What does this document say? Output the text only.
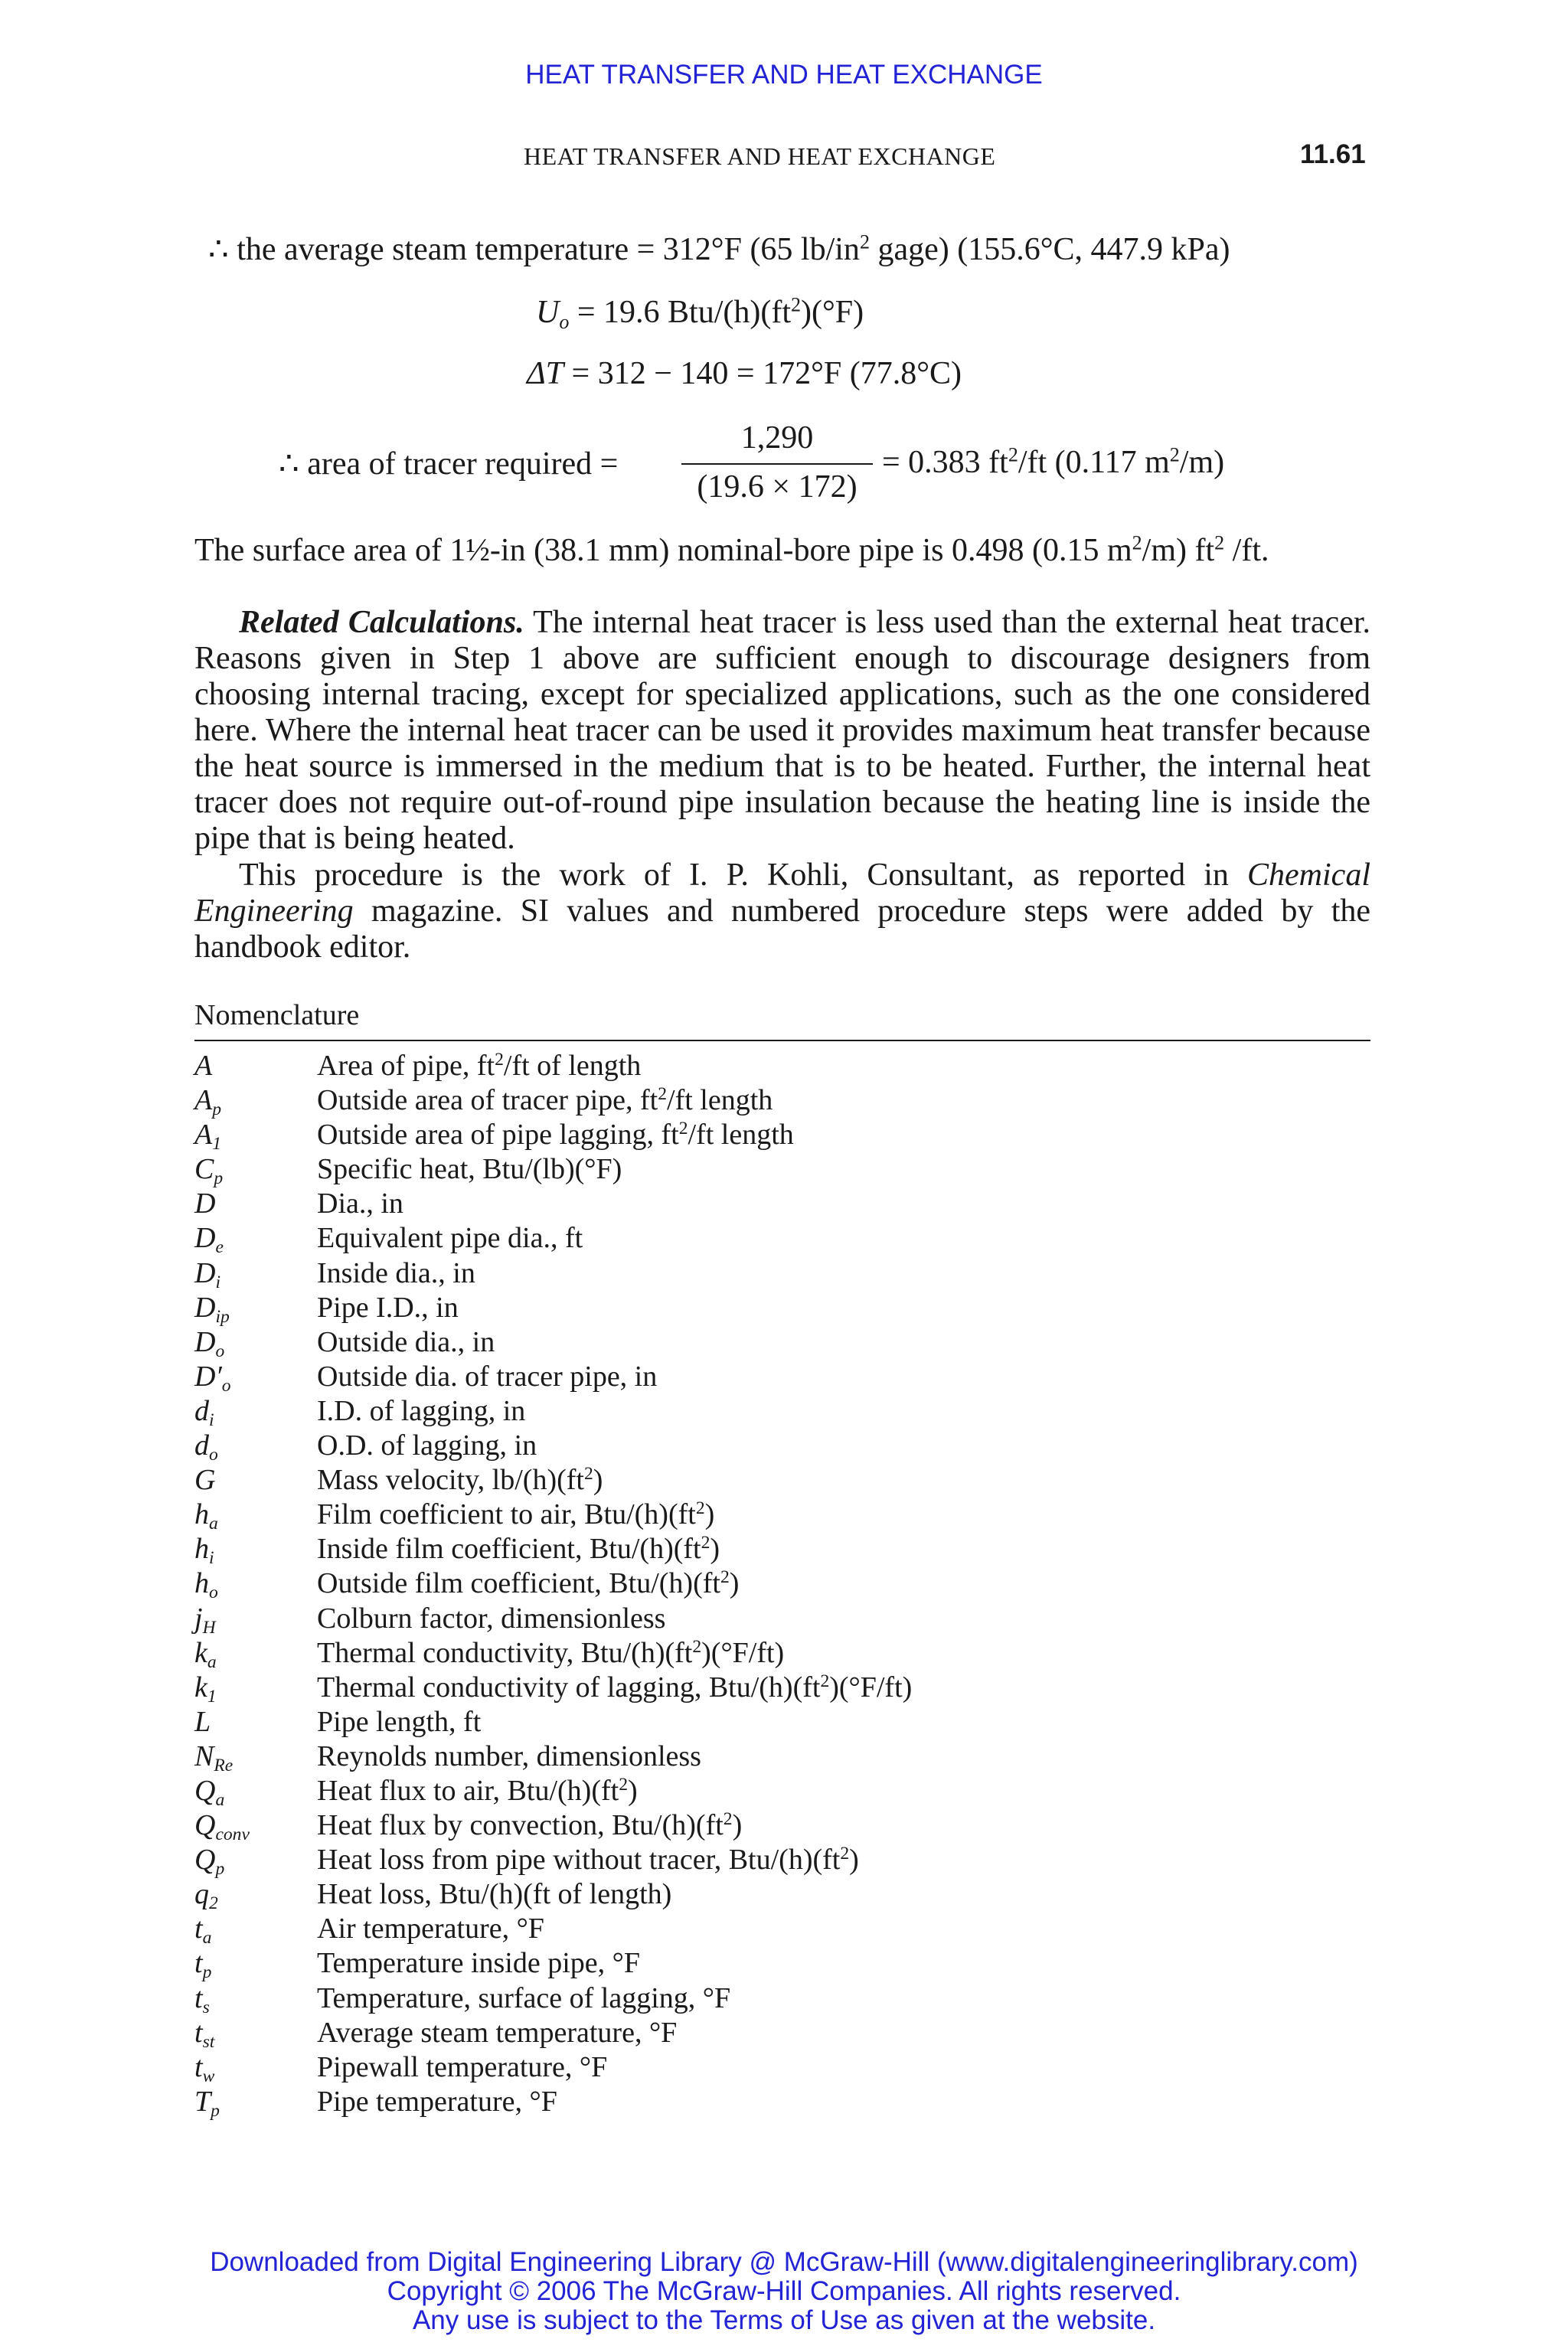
HEAT TRANSFER AND HEAT EXCHANGE
HEAT TRANSFER AND HEAT EXCHANGE	11.61
∴ the average steam temperature = 312°F (65 $lb/in^2$ gage) (155.6°C, 447.9 kPa)
$U_o = 19.6$ Btu/$(h)(ft^2)(^\circ F)$
ΔT = 312 − 140 = 172°F (77.8°C)
∴ area of tracer required =
1,290
(19.6 × 172)
= 0.383 $ft^2/ft$ (0.117 $m^2/m$)
The surface area of 1½-in (38.1 mm) nominal-bore pipe is 0.498 (0.15 $m^2/m$) $ft^2$ /ft.
Related Calculations. The internal heat tracer is less used than the external heat tracer. Reasons given in Step 1 above are sufficient enough to discourage designers from choosing internal tracing, except for specialized applications, such as the one considered here. Where the internal heat tracer can be used it provides maximum heat transfer because the heat source is immersed in the medium that is to be heated. Further, the internal heat tracer does not require out-of-round pipe insulation because the heating line is inside the pipe that is being heated.
This procedure is the work of I. P. Kohli, Consultant, as reported in Chemical Engineering magazine. SI values and numbered procedure steps were added by the handbook editor.
Nomenclature
A	Area of pipe, $ft^2/ft$ of length
$A_p$	Outside area of tracer pipe, $ft^2/ft$ length
$A_1$	Outside area of pipe lagging, $ft^2/ft$ length
$C_p$	Specific heat, Btu/(lb)(°F)
D	Dia., in
$D_e$	Equivalent pipe dia., ft
$D_i$	Inside dia., in
$D_{ip}$	Pipe I.D., in
$D_o$	Outside dia., in
$D'_o$	Outside dia. of tracer pipe, in
$d_i$	I.D. of lagging, in
$d_o$	O.D. of lagging, in
G	Mass velocity, $lb/(h)(ft^2)$
$h_a$	Film coefficient to air, Btu/$(h)(ft^2)$
$h_i$	Inside film coefficient, Btu/$(h)(ft^2)$
$h_o$	Outside film coefficient, Btu/$(h)(ft^2)$
$j_H$	Colburn factor, dimensionless
$k_a$	Thermal conductivity, Btu/$(h)(ft^2)(^\circ F/ft)$
$k_1$	Thermal conductivity of lagging, Btu/$(h)(ft^2)(^\circ F/ft)$
L	Pipe length, ft
$N_{Re}$	Reynolds number, dimensionless
$Q_a$	Heat flux to air, Btu/$(h)(ft^2)$
$Q_{conv}$ Heat flux by convection, Btu/$(h)(ft^2)$
$Q_p$	Heat loss from pipe without tracer, Btu/$(h)(ft^2)$
$q_2$	Heat loss, Btu/(h)(ft of length)
$t_a$	Air temperature, °F
$t_p$	Temperature inside pipe, °F
$t_s$	Temperature, surface of lagging, °F
$t_{st}$	Average steam temperature, °F
$t_w$	Pipewall temperature, °F
$T_p$	Pipe temperature, °F
Downloaded from Digital Engineering Library @ McGraw-Hill (www.digitalengineeringlibrary.com)
Copyright © 2006 The McGraw-Hill Companies. All rights reserved.
Any use is subject to the Terms of Use as given at the website.
